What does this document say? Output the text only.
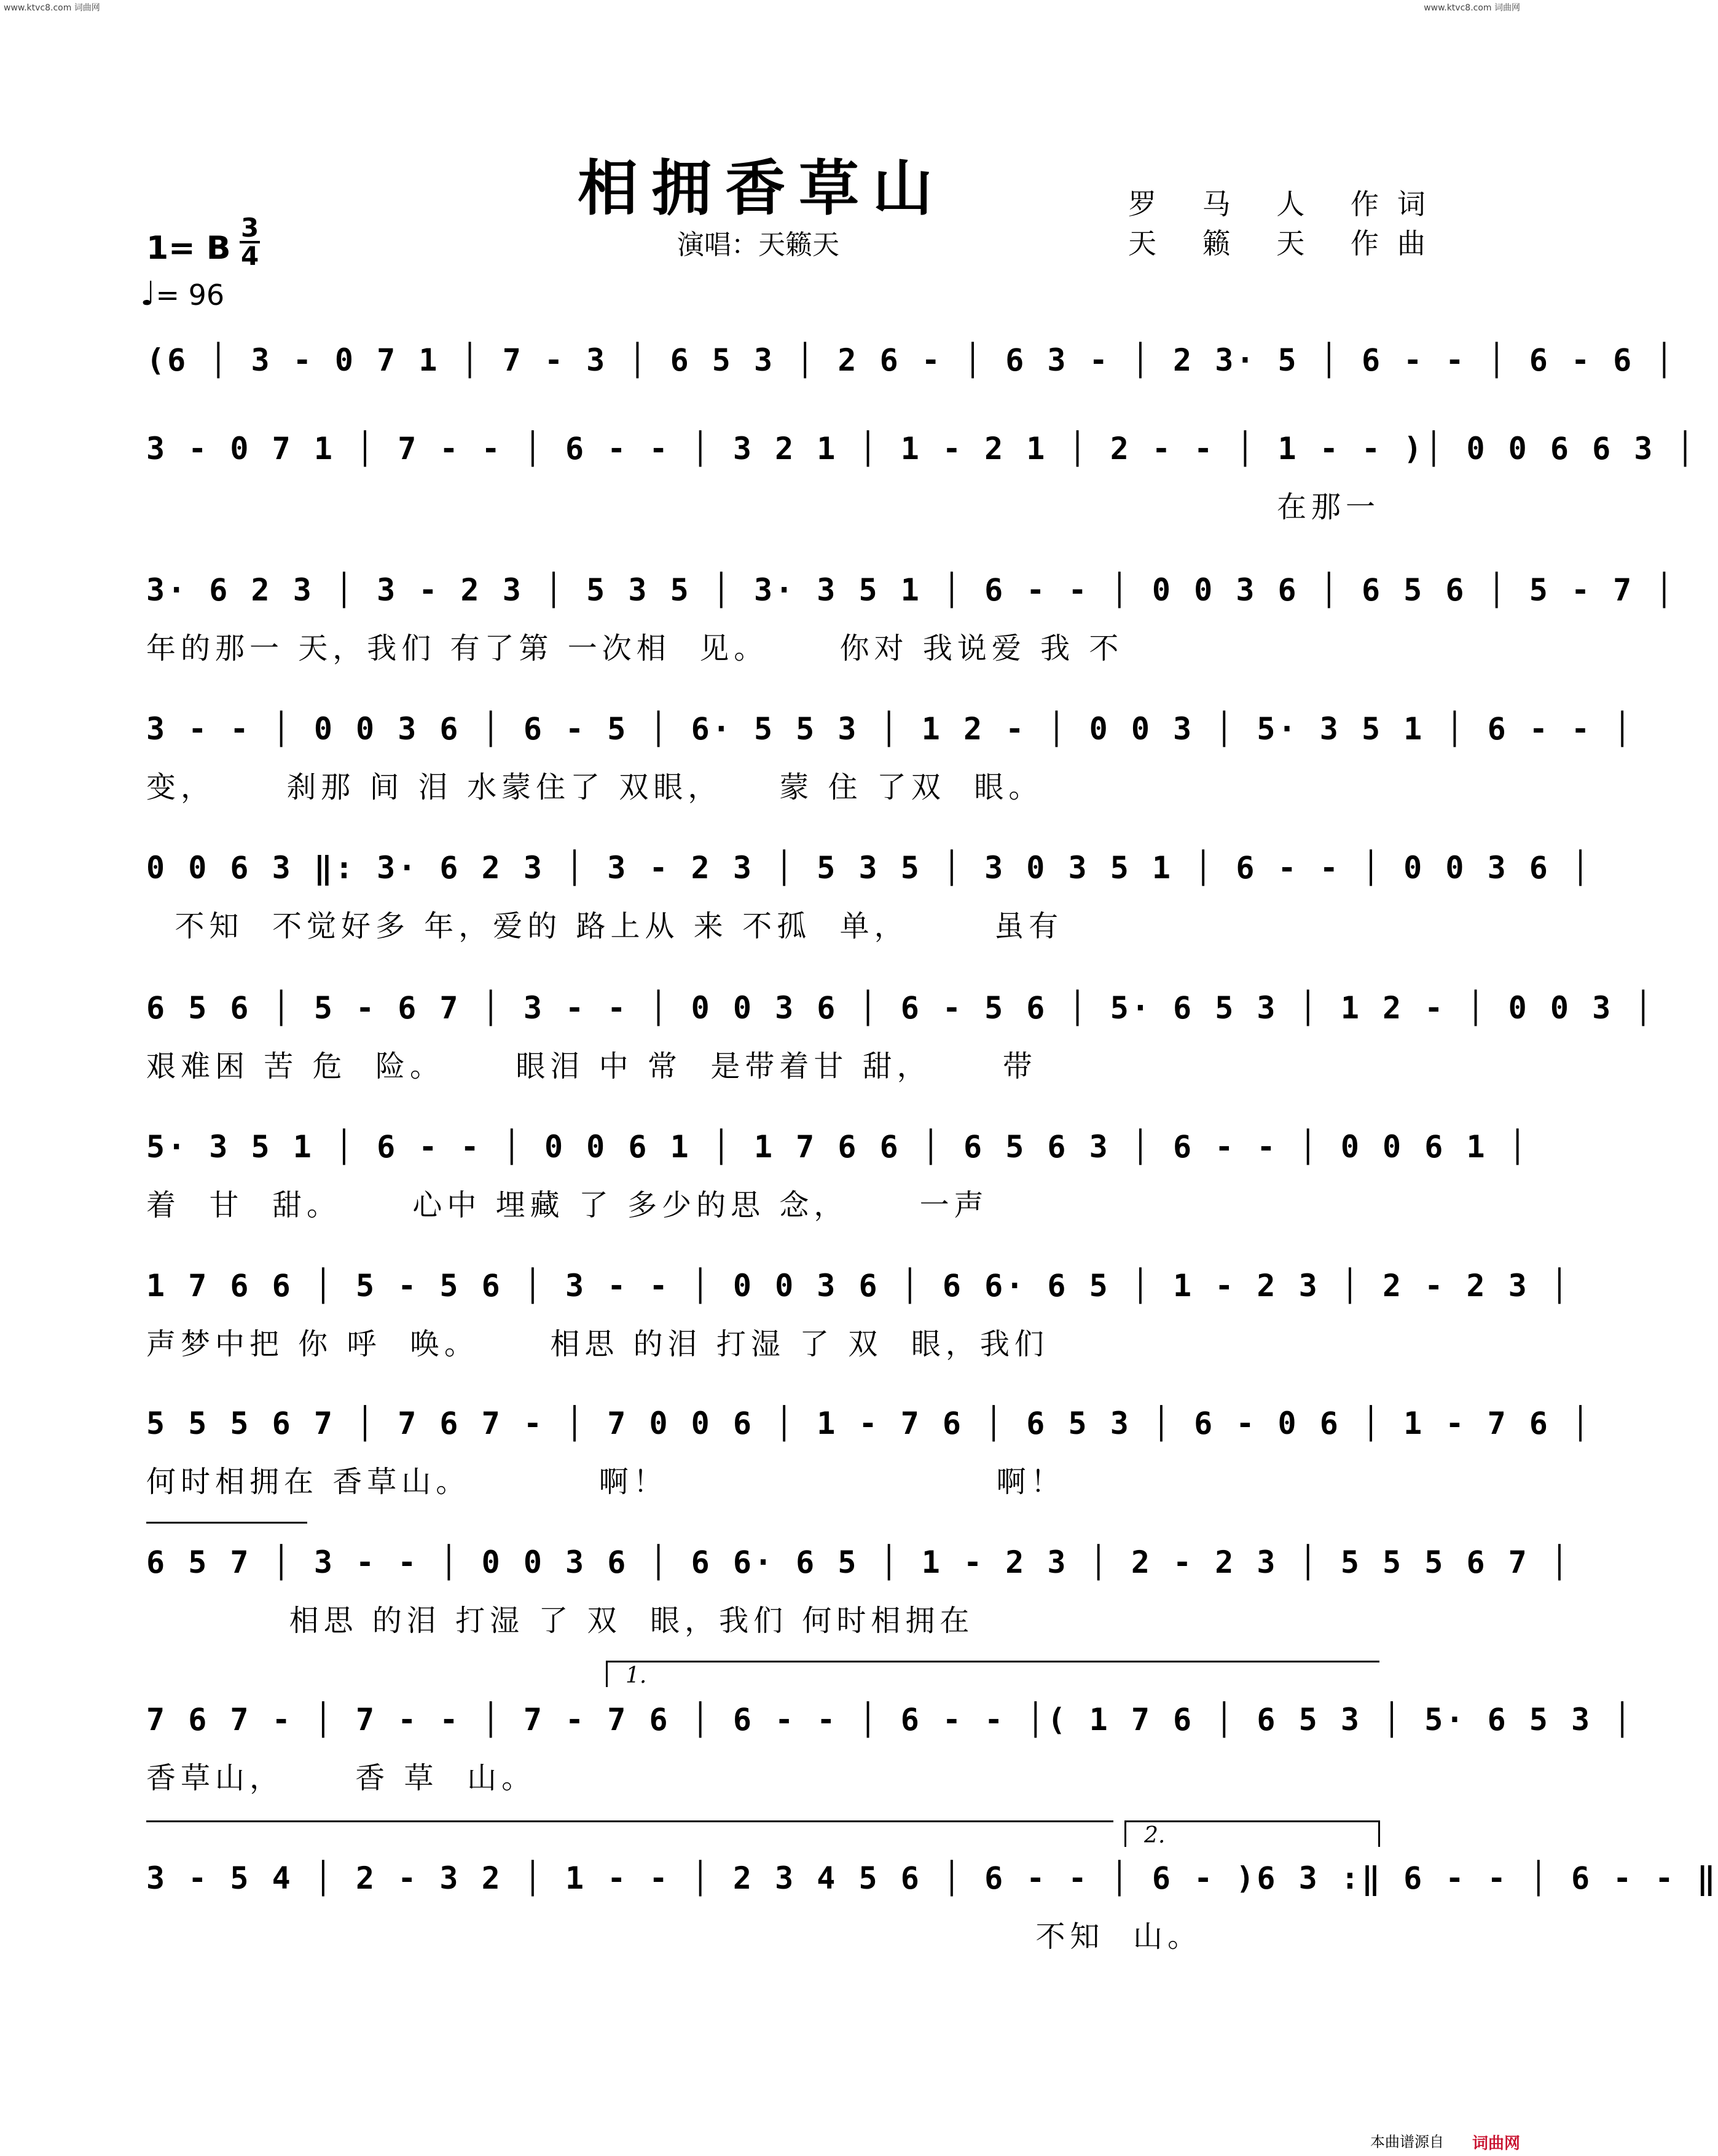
www.ktvc8.com 词曲网	www.ktvc8.com 词曲网
相拥香草山
演唱：天籁天
罗 马 人 作词
天 籁 天 作曲
1= B
3
4
♩= 96
(6 │ 3 - 0 7 1 │ 7 - 3 │ 6 5 3 │ 2 6 - │ 6 3 - │ 2 3· 5 │ 6 - - │ 6 - 6 │
3 - 0 7 1 │ 7 - - │ 6 - - │ 3 2 1 │ 1 - 2 1 │ 2 - - │ 1 - - )│ 0 0 6 6 3 │
在那一
3· 6 2 3 │ 3 - 2 3 │ 5 3 5 │ 3· 3 5 1 │ 6 - - │ 0 0 3 6 │ 6 5 6 │ 5 - 7 │
年的那一 天，我们 有了第 一次相  见。     你对 我说爱 我 不
3 - - │ 0 0 3 6 │ 6 - 5 │ 6· 5 5 3 │ 1 2 - │ 0 0 3 │ 5· 3 5 1 │ 6 - - │
变，     刹那 间 泪 水蒙住了 双眼，    蒙 住 了双  眼。
0 0 6 3 ‖: 3· 6 2 3 │ 3 - 2 3 │ 5 3 5 │ 3 0 3 5 1 │ 6 - - │ 0 0 3 6 │
不知  不觉好多 年，爱的 路上从 来 不孤  单，      虽有
6 5 6 │ 5 - 6 7 │ 3 - - │ 0 0 3 6 │ 6 - 5 6 │ 5· 6 5 3 │ 1 2 - │ 0 0 3 │
艰难困 苦 危  险。     眼泪 中 常  是带着甘 甜，     带
5· 3 5 1 │ 6 - - │ 0 0 6 1 │ 1 7 6 6 │ 6 5 6 3 │ 6 - - │ 0 0 6 1 │
着  甘  甜。     心中 埋藏 了 多少的思 念，     一声
1 7 6 6 │ 5 - 5 6 │ 3 - - │ 0 0 3 6 │ 6 6· 6 5 │ 1 - 2 3 │ 2 - 2 3 │
声梦中把 你 呼  唤。     相思 的泪 打湿 了 双  眼，我们
5 5 5 6 7 │ 7 6 7 - │ 7 0 0 6 │ 1 - 7 6 │ 6 5 3 │ 6 - 0 6 │ 1 - 7 6 │
何时相拥在 香草山。         啊！                       啊！
6 5 7 │ 3 - - │ 0 0 3 6 │ 6 6· 6 5 │ 1 - 2 3 │ 2 - 2 3 │ 5 5 5 6 7 │
相思 的泪 打湿 了 双  眼，我们 何时相拥在
1.
7 6 7 - │ 7 - - │ 7 - 7 6 │ 6 - - │ 6 - - │( 1 7 6 │ 6 5 3 │ 5· 6 5 3 │
香草山，     香 草  山。
2.
3 - 5 4 │ 2 - 3 2 │ 1 - - │ 2 3 4 5 6 │ 6 - - │ 6 - )6 3 :‖ 6 - - │ 6 - - ‖
不知  山。
本曲谱源自 词曲网
